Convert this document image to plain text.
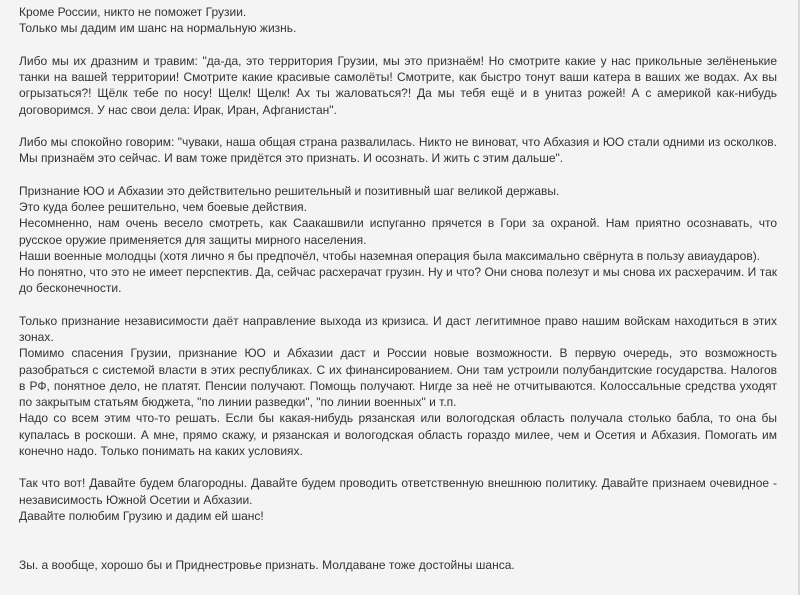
Кроме России, никто не поможет Грузии.
Только мы дадим им шанс на нормальную жизнь.
Либо мы их дразним и травим: "да-да, это территория Грузии, мы это признаём! Но смотрите какие у нас прикольные зелёненькие танки на вашей территории! Смотрите какие красивые самолёты! Смотрите, как быстро тонут ваши катера в ваших же водах. Ах вы огрызаться?! Щёлк тебе по носу! Щелк! Щелк! Ах ты жаловаться?! Да мы тебя ещё и в унитаз рожей! А с америкой как-нибудь договоримся. У нас свои дела: Ирак, Иран, Афганистан".
Либо мы спокойно говорим: "чуваки, наша общая страна развалилась. Никто не виноват, что Абхазия и ЮО стали одними из осколков. Мы признаём это сейчас. И вам тоже придётся это признать. И осознать. И жить с этим дальше".
Признание ЮО и Абхазии это действительно решительный и позитивный шаг великой державы.
Это куда более решительно, чем боевые действия.
Несомненно, нам очень весело смотреть, как Саакашвили испуганно прячется в Гори за охраной. Нам приятно осознавать, что русское оружие применяется для защиты мирного населения.
Наши военные молодцы (хотя лично я бы предпочёл, чтобы наземная операция была максимально свёрнута в пользу авиаударов).
Но понятно, что это не имеет перспектив. Да, сейчас расхерачат грузин. Ну и что? Они снова полезут и мы снова их расхерачим. И так до бесконечности.
Только признание независимости даёт направление выхода из кризиса. И даст легитимное право нашим войскам находиться в этих зонах.
Помимо спасения Грузии, признание ЮО и Абхазии даст и России новые возможности. В первую очередь, это возможность разобраться с системой власти в этих республиках. С их финансированием. Они там устроили полубандитские государства. Налогов в РФ, понятное дело, не платят. Пенсии получают. Помощь получают. Нигде за неё не отчитываются. Колоссальные средства уходят по закрытым статьям бюджета, "по линии разведки", "по линии военных" и т.п.
Надо со всем этим что-то решать. Если бы какая-нибудь рязанская или вологодская область получала столько бабла, то она бы купалась в роскоши. А мне, прямо скажу, и рязанская и вологодская область гораздо милее, чем и Осетия и Абхазия. Помогать им конечно надо. Только понимать на каких условиях.
Так что вот! Давайте будем благородны. Давайте будем проводить ответственную внешнюю политику. Давайте признаем очевидное - независимость Южной Осетии и Абхазии.
Давайте полюбим Грузию и дадим ей шанс!
Зы. а вообще, хорошо бы и Приднестровье признать. Молдаване тоже достойны шанса.
